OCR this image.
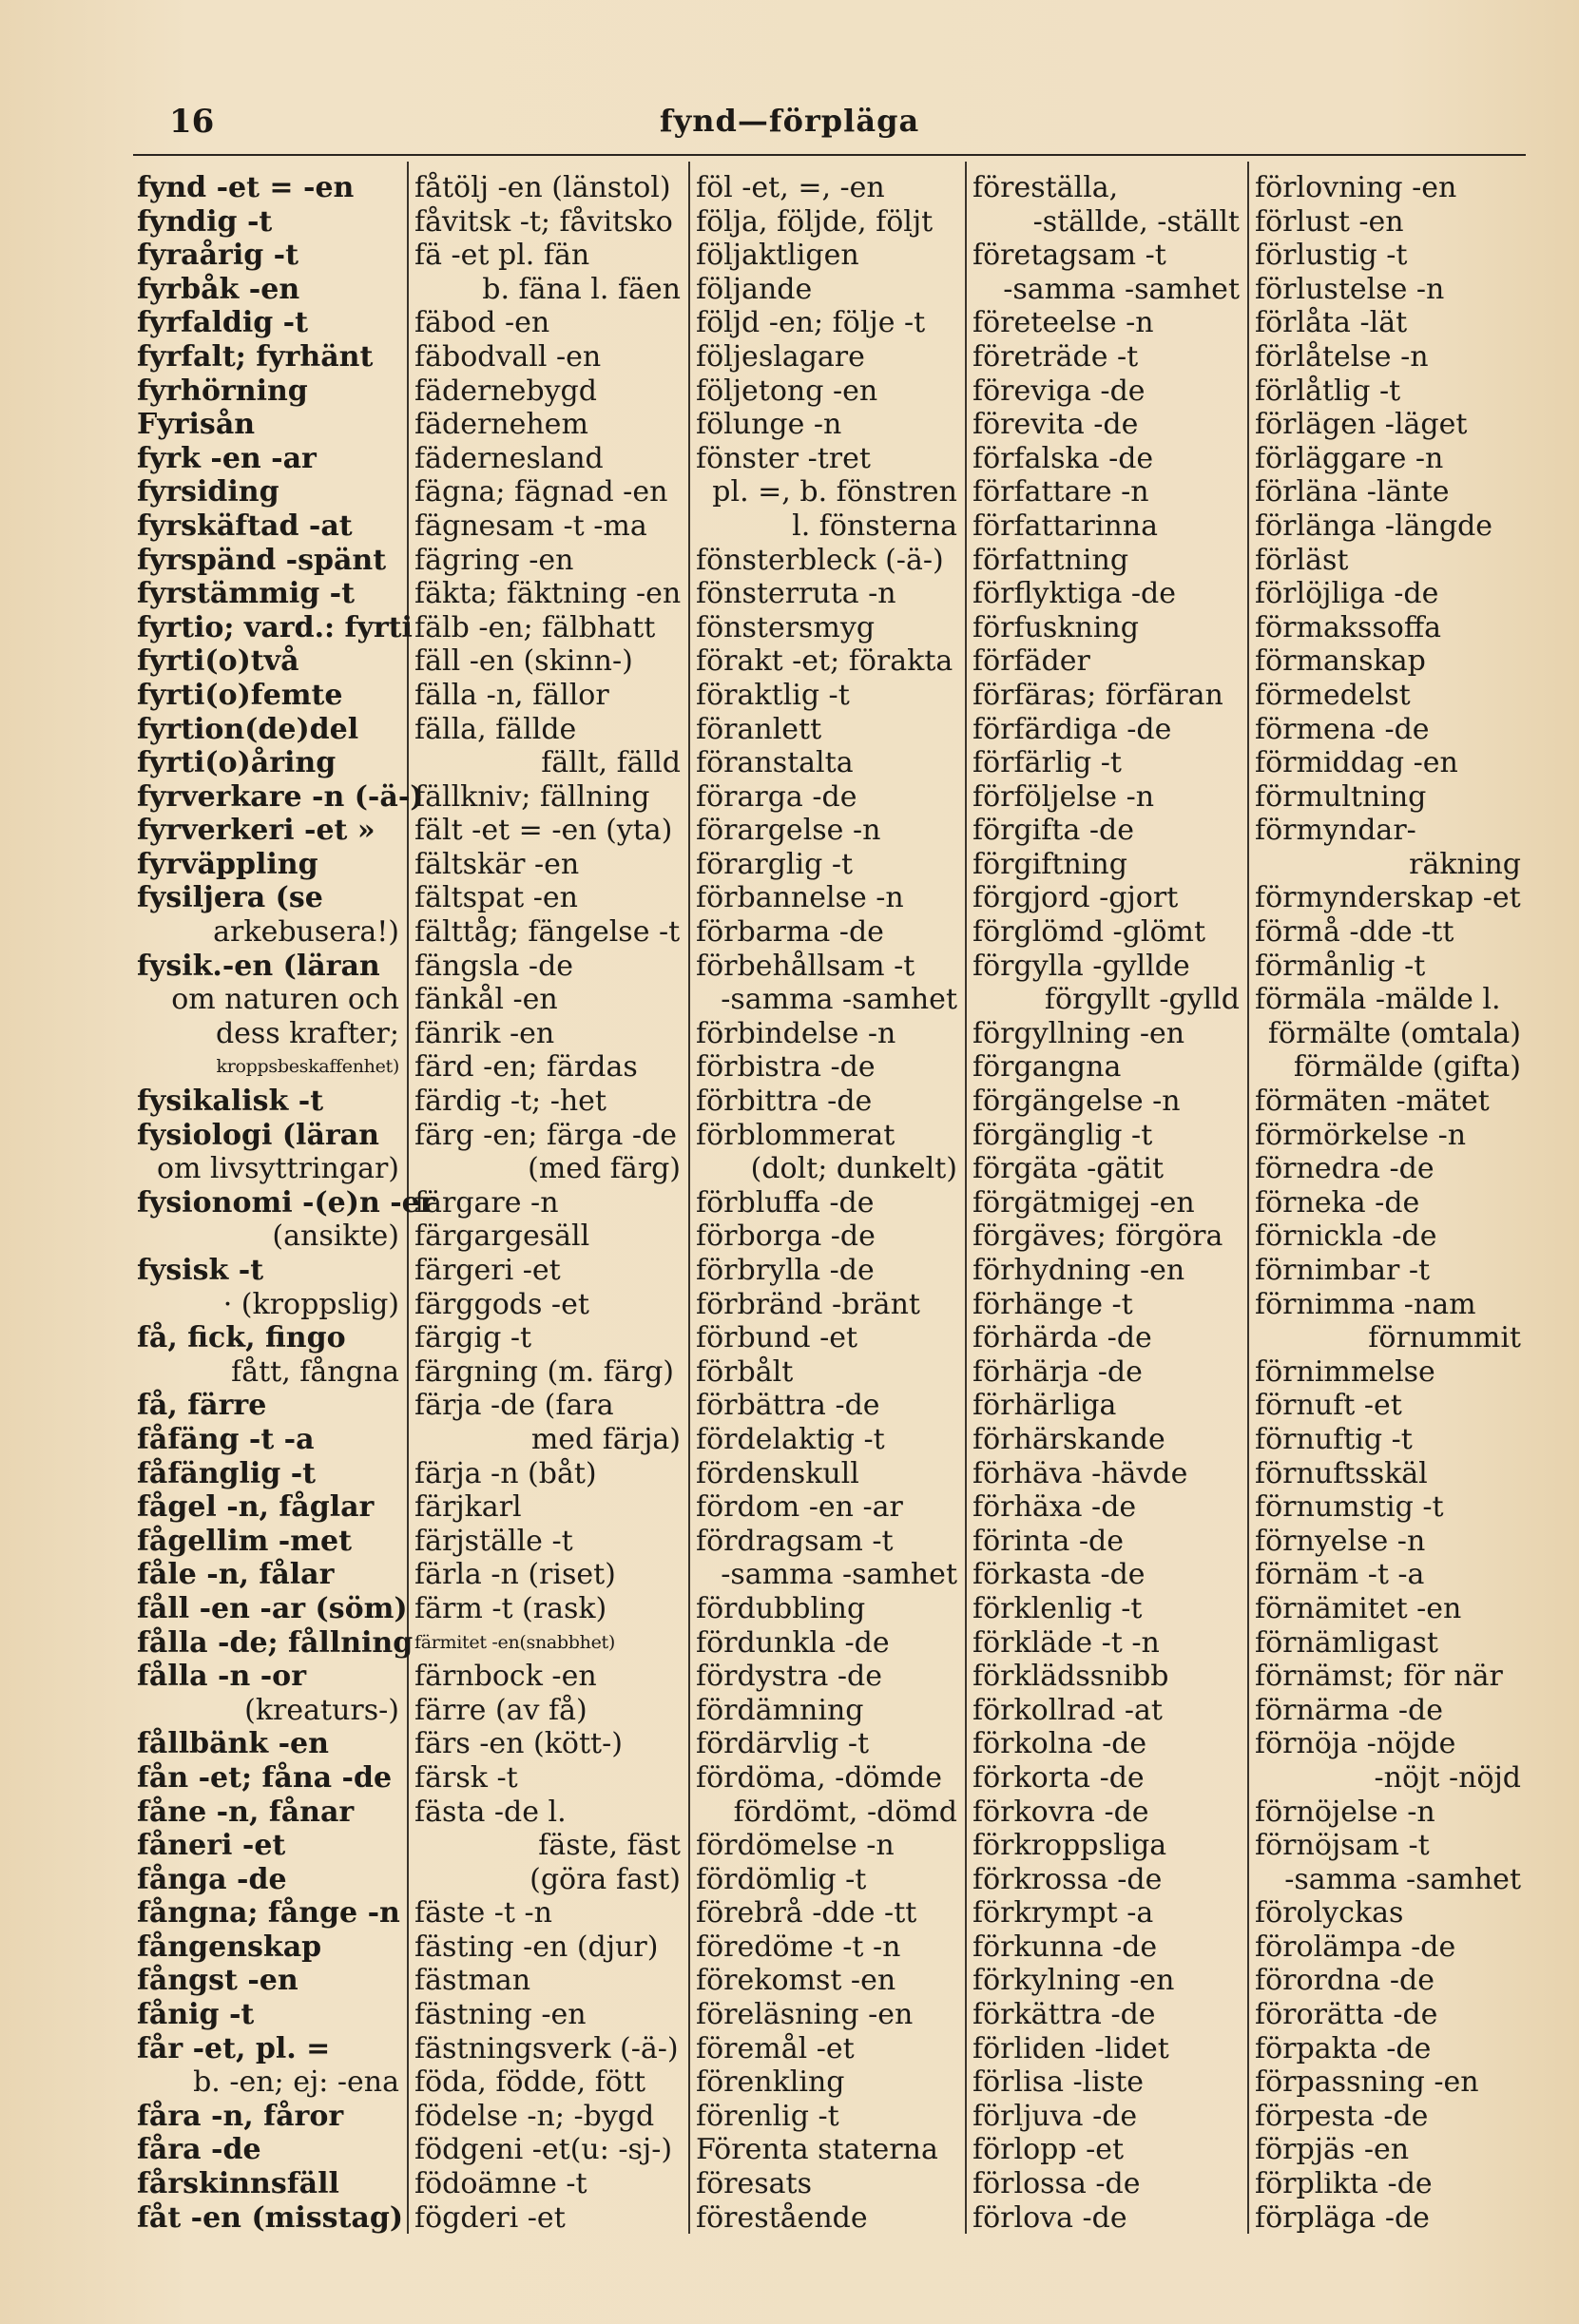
16	fynd—förpläga
fynd -et = -en
fyndig -t
fyraårig -t
fyrbåk -en
fyrfaldig -t
fyrfalt; fyrhänt
fyrhörning
Fyrisån
fyrk -en -ar
fyrsiding
fyrskäftad -at
fyrspänd -spänt
fyrstämmig -t
fyrtio; vard.: fyrti
fyrti(o)två
fyrti(o)femte
fyrtion(de)del
fyrti(o)åring
fyrverkare -n (-ä-)
fyrverkeri -et »
fyrväppling
fysiljera (se
arkebusera!)
fysik.-en (läran
om naturen och
dess krafter;
kroppsbeskaffenhet)
fysikalisk -t
fysiologi (läran
om livsyttringar)
fysionomi -(e)n -er
(ansikte)
fysisk -t
· (kroppslig)
få, fick, fingo
fått, fångna
få, färre
fåfäng -t -a
fåfänglig -t
fågel -n, fåglar
fågellim -met
fåle -n, fålar
fåll -en -ar (söm)
fålla -de; fållning
fålla -n -or
(kreaturs-)
fållbänk -en
fån -et; fåna -de
fåne -n, fånar
fåneri -et
fånga -de
fångna; fånge -n
fångenskap
fångst -en
fånig -t
får -et, pl. =
b. -en; ej: -ena
fåra -n, fåror
fåra -de
fårskinnsfäll
fåt -en (misstag)
fåtölj -en (länstol)
fåvitsk -t; fåvitsko
fä -et pl. fän
b. fäna l. fäen
fäbod -en
fäbodvall -en
fädernebygd
fädernehem
fädernesland
fägna; fägnad -en
fägnesam -t -ma
fägring -en
fäkta; fäktning -en
fälb -en; fälbhatt
fäll -en (skinn-)
fälla -n, fällor
fälla, fällde
fällt, fälld
fällkniv; fällning
fält -et = -en (yta)
fältskär -en
fältspat -en
fälttåg; fängelse -t
fängsla -de
fänkål -en
fänrik -en
färd -en; färdas
färdig -t; -het
färg -en; färga -de
(med färg)
färgare -n
färgargesäll
färgeri -et
färggods -et
färgig -t
färgning (m. färg)
färja -de (fara
med färja)
färja -n (båt)
färjkarl
färjställe -t
färla -n (riset)
färm -t (rask)
färmitet -en(snabbhet)
färnbock -en
färre (av få)
färs -en (kött-)
färsk -t
fästa -de l.
fäste, fäst
(göra fast)
fäste -t -n
fästing -en (djur)
fästman
fästning -en
fästningsverk (-ä-)
föda, födde, fött
födelse -n; -bygd
födgeni -et(u: -sj-)
födoämne -t
fögderi -et
föl -et, =, -en
följa, följde, följt
följaktligen
följande
följd -en; följe -t
följeslagare
följetong -en
fölunge -n
fönster -tret
pl. =, b. fönstren
l. fönsterna
fönsterbleck (-ä-)
fönsterruta -n
fönstersmyg
förakt -et; förakta
föraktlig -t
föranlett
föranstalta
förarga -de
förargelse -n
förarglig -t
förbannelse -n
förbarma -de
förbehållsam -t
-samma -samhet
förbindelse -n
förbistra -de
förbittra -de
förblommerat
(dolt; dunkelt)
förbluffa -de
förborga -de
förbrylla -de
förbränd -bränt
förbund -et
förbålt
förbättra -de
fördelaktig -t
fördenskull
fördom -en -ar
fördragsam -t
-samma -samhet
fördubbling
fördunkla -de
fördystra -de
fördämning
fördärvlig -t
fördöma, -dömde
fördömt, -dömd
fördömelse -n
fördömlig -t
förebrå -dde -tt
föredöme -t -n
förekomst -en
föreläsning -en
föremål -et
förenkling
förenlig -t
Förenta staterna
föresats
förestående
föreställa,
-ställde, -ställt
företagsam -t
-samma -samhet
företeelse -n
företräde -t
föreviga -de
förevita -de
förfalska -de
författare -n
författarinna
författning
förflyktiga -de
förfuskning
förfäder
förfäras; förfäran
förfärdiga -de
förfärlig -t
förföljelse -n
förgifta -de
förgiftning
förgjord -gjort
förglömd -glömt
förgylla -gyllde
förgyllt -gylld
förgyllning -en
förgangna
förgängelse -n
förgänglig -t
förgäta -gätit
förgätmigej -en
förgäves; förgöra
förhydning -en
förhänge -t
förhärda -de
förhärja -de
förhärliga
förhärskande
förhäva -hävde
förhäxa -de
förinta -de
förkasta -de
förklenlig -t
förkläde -t -n
förklädssnibb
förkollrad -at
förkolna -de
förkorta -de
förkovra -de
förkroppsliga
förkrossa -de
förkrympt -a
förkunna -de
förkylning -en
förkättra -de
förliden -lidet
förlisa -liste
förljuva -de
förlopp -et
förlossa -de
förlova -de
förlovning -en
förlust -en
förlustig -t
förlustelse -n
förlåta -lät
förlåtelse -n
förlåtlig -t
förlägen -läget
förläggare -n
förläna -länte
förlänga -längde
förläst
förlöjliga -de
förmakssoffa
förmanskap
förmedelst
förmena -de
förmiddag -en
förmultning
förmyndar-
räkning
förmynderskap -et
förmå -dde -tt
förmånlig -t
förmäla -mälde l.
förmälte (omtala)
förmälde (gifta)
förmäten -mätet
förmörkelse -n
förnedra -de
förneka -de
förnickla -de
förnimbar -t
förnimma -nam
förnummit
förnimmelse
förnuft -et
förnuftig -t
förnuftsskäl
förnumstig -t
förnyelse -n
förnäm -t -a
förnämitet -en
förnämligast
förnämst; för när
förnärma -de
förnöja -nöjde
-nöjt -nöjd
förnöjelse -n
förnöjsam -t
-samma -samhet
förolyckas
förolämpa -de
förordna -de
förorätta -de
förpakta -de
förpassning -en
förpesta -de
förpjäs -en
förplikta -de
förpläga -de
